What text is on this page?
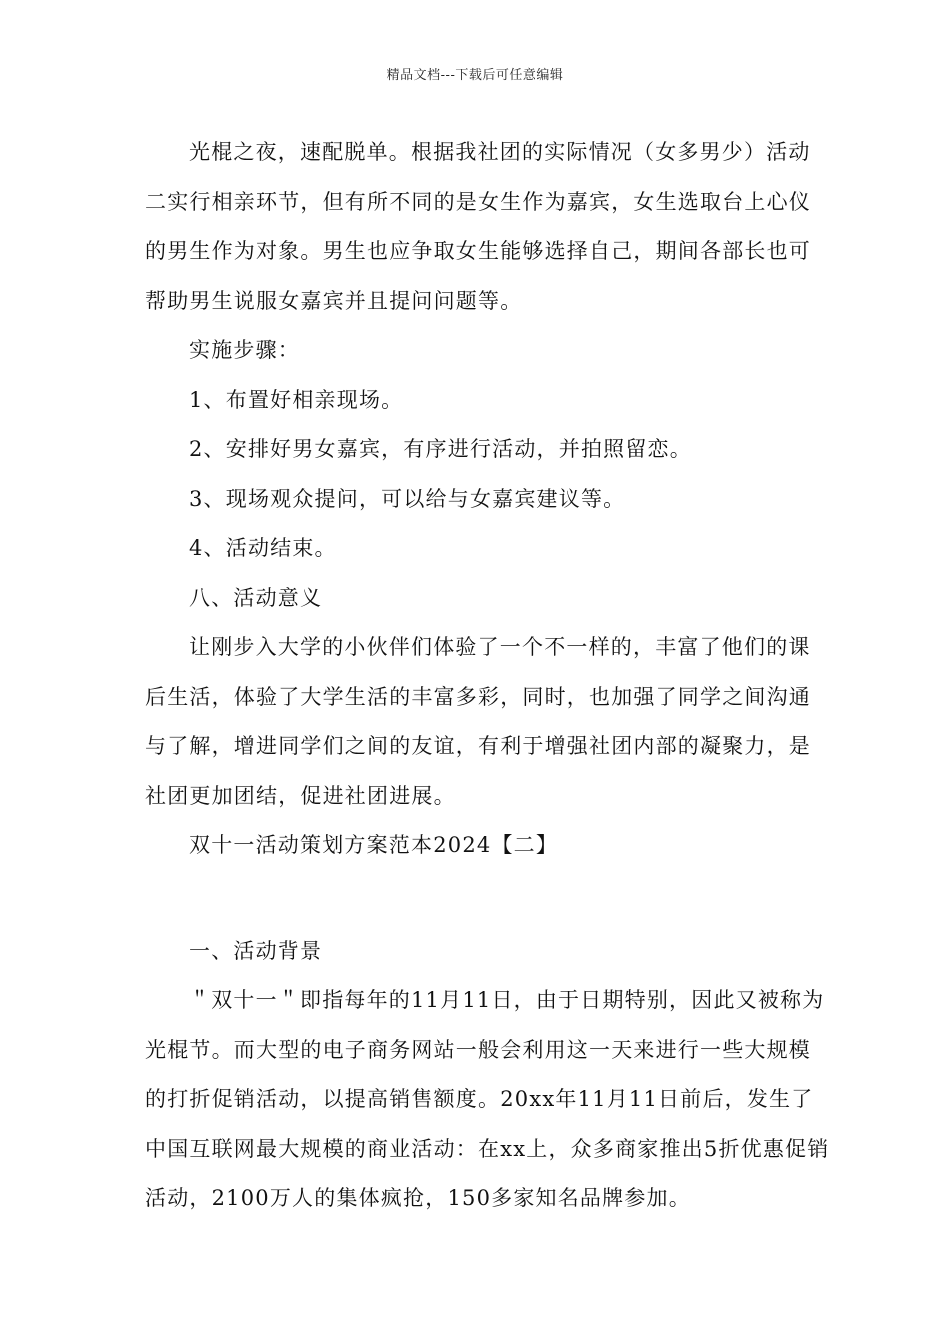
精品文档---下载后可任意编辑

光棍之夜，速配脱单。根据我社团的实际情况（女多男少）活动二实行相亲环节，但有所不同的是女生作为嘉宾，女生选取台上心仪的男生作为对象。男生也应争取女生能够选择自己，期间各部长也可帮助男生说服女嘉宾并且提问问题等。

实施步骤：

1、布置好相亲现场。

2、安排好男女嘉宾，有序进行活动，并拍照留恋。

3、现场观众提问，可以给与女嘉宾建议等。

4、活动结束。

八、活动意义

让刚步入大学的小伙伴们体验了一个不一样的，丰富了他们的课后生活，体验了大学生活的丰富多彩，同时，也加强了同学之间沟通与了解，增进同学们之间的友谊，有利于增强社团内部的凝聚力，是社团更加团结，促进社团进展。

双十一活动策划方案范本2024【二】

一、活动背景

＂双十一＂即指每年的11月11日，由于日期特别，因此又被称为光棍节。而大型的电子商务网站一般会利用这一天来进行一些大规模的打折促销活动，以提高销售额度。20xx年11月11日前后，发生了中国互联网最大规模的商业活动：在xx上，众多商家推出5折优惠促销活动，2100万人的集体疯抢，150多家知名品牌参加。
